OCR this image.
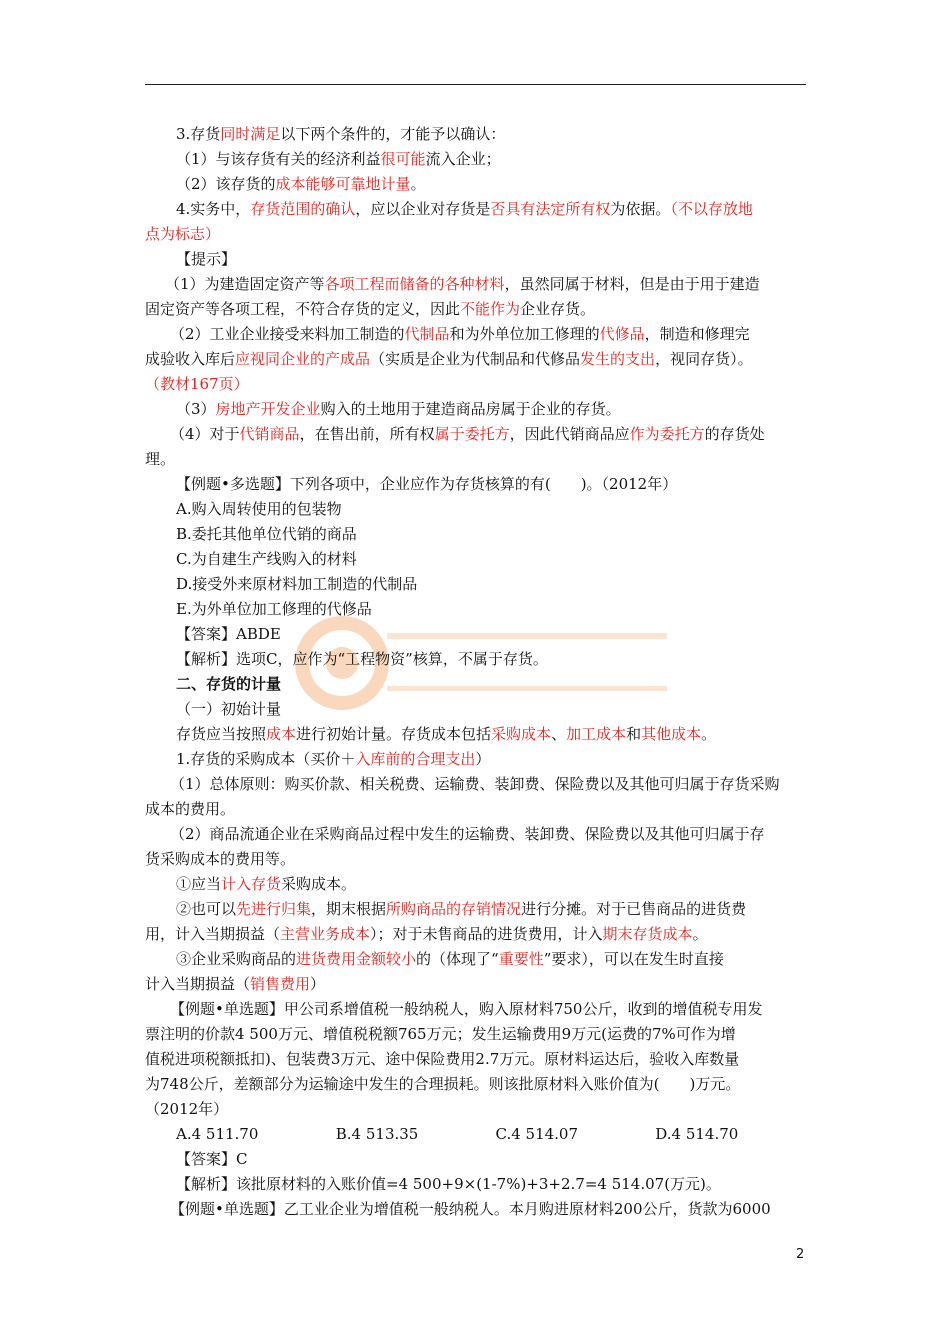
3.存货同时满足以下两个条件的，才能予以确认：
（1）与该存货有关的经济利益很可能流入企业；
（2）该存货的成本能够可靠地计量。
4.实务中，存货范围的确认，应以企业对存货是否具有法定所有权为依据。（不以存放地
点为标志）
【提示】
（1）为建造固定资产等各项工程而储备的各种材料，虽然同属于材料，但是由于用于建造
固定资产等各项工程，不符合存货的定义，因此不能作为企业存货。
（2）工业企业接受来料加工制造的代制品和为外单位加工修理的代修品，制造和修理完
成验收入库后应视同企业的产成品（实质是企业为代制品和代修品发生的支出，视同存货）。
（教材167页）
（3）房地产开发企业购入的土地用于建造商品房属于企业的存货。
（4）对于代销商品，在售出前，所有权属于委托方，因此代销商品应作为委托方的存货处
理。
【例题•多选题】下列各项中，企业应作为存货核算的有(　　)。（2012年）
A.购入周转使用的包装物
B.委托其他单位代销的商品
C.为自建生产线购入的材料
D.接受外来原材料加工制造的代制品
E.为外单位加工修理的代修品
【答案】ABDE
【解析】选项C，应作为“工程物资”核算，不属于存货。
二、存货的计量
（一）初始计量
存货应当按照成本进行初始计量。存货成本包括采购成本、加工成本和其他成本。
1.存货的采购成本（买价＋入库前的合理支出）
（1）总体原则：购买价款、相关税费、运输费、装卸费、保险费以及其他可归属于存货采购
成本的费用。
（2）商品流通企业在采购商品过程中发生的运输费、装卸费、保险费以及其他可归属于存
货采购成本的费用等。
①应当计入存货采购成本。
②也可以先进行归集，期末根据所购商品的存销情况进行分摊。对于已售商品的进货费
用，计入当期损益（主营业务成本）；对于未售商品的进货费用，计入期末存货成本。
③企业采购商品的进货费用金额较小的（体现了“重要性”要求），可以在发生时直接
计入当期损益（销售费用）
【例题•单选题】甲公司系增值税一般纳税人，购入原材料750公斤，收到的增值税专用发
票注明的价款4 500万元、增值税税额765万元；发生运输费用9万元(运费的7%可作为增
值税进项税额抵扣)、包装费3万元、途中保险费用2.7万元。原材料运达后，验收入库数量
为748公斤，差额部分为运输途中发生的合理损耗。则该批原材料入账价值为(　　)万元。
（2012年）
A.4 511.70	B.4 513.35	C.4 514.07	D.4 514.70
【答案】C
【解析】该批原材料的入账价值=4 500+9×(1-7%)+3+2.7=4 514.07(万元)。
【例题•单选题】乙工业企业为增值税一般纳税人。本月购进原材料200公斤，货款为6000
2
